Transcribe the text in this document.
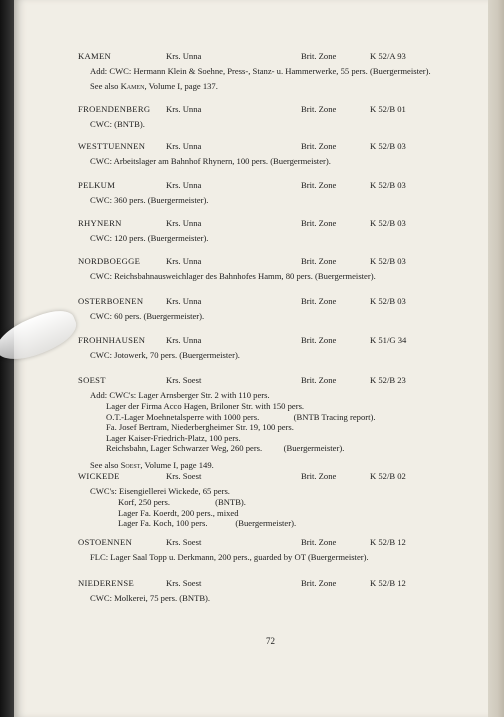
KAMEN	Krs. Unna	Brit. Zone	K 52/A 93
Add: CWC: Hermann Klein & Soehne, Press-, Stanz- u. Hammerwerke, 55 pers. (Buergermeister).
See also Kamen, Volume I, page 137.
FROENDENBERG Krs. Unna	Brit. Zone	K 52/B 01
CWC: (BNTB).
WESTTUENNEN Krs. Unna	Brit. Zone	K 52/B 03
CWC: Arbeitslager am Bahnhof Rhynern, 100 pers. (Buergermeister).
PELKUM	Krs. Unna	Brit. Zone	K 52/B 03
CWC: 360 pers. (Buergermeister).
RHYNERN	Krs. Unna	Brit. Zone	K 52/B 03
CWC: 120 pers. (Buergermeister).
NORDBOEGGE	Krs. Unna	Brit. Zone	K 52/B 03
CWC: Reichsbahnausweichlager des Bahnhofes Hamm, 80 pers. (Buergermeister).
OSTERBOENEN	Krs. Unna	Brit. Zone	K 52/B 03
CWC: 60 pers. (Buergermeister).
FROHNHAUSEN Krs. Unna	Brit. Zone	K 51/G 34
CWC: Jotowerk, 70 pers. (Buergermeister).
SOEST	Krs. Soest	Brit. Zone	K 52/B 23
Add: CWC's: Lager Arnsberger Str. 2 with 110 pers.
Lager der Firma Acco Hagen, Briloner Str. with 150 pers.
O.T.-Lager Moehnetalsperre with 1000 pers.                (BNTB Tracing report).
Fa. Josef Bertram, Niederbergheimer Str. 19, 100 pers.
Lager Kaiser-Friedrich-Platz, 100 pers.
Reichsbahn, Lager Schwarzer Weg, 260 pers.          (Buergermeister).
See also Soest, Volume I, page 149.
WICKEDE	Krs. Soest	Brit. Zone	K 52/B 02
CWC's: Eisengiellerei Wickede, 65 pers.
Korf, 250 pers.                     (BNTB).
Lager Fa. Koerdt, 200 pers., mixed
Lager Fa. Koch, 100 pers.             (Buergermeister).
OSTOENNEN	Krs. Soest	Brit. Zone	K 52/B 12
FLC: Lager Saal Topp u. Derkmann, 200 pers., guarded by OT (Buergermeister).
NIEDERENSE	Krs. Soest	Brit. Zone	K 52/B 12
CWC: Molkerei, 75 pers. (BNTB).
72
